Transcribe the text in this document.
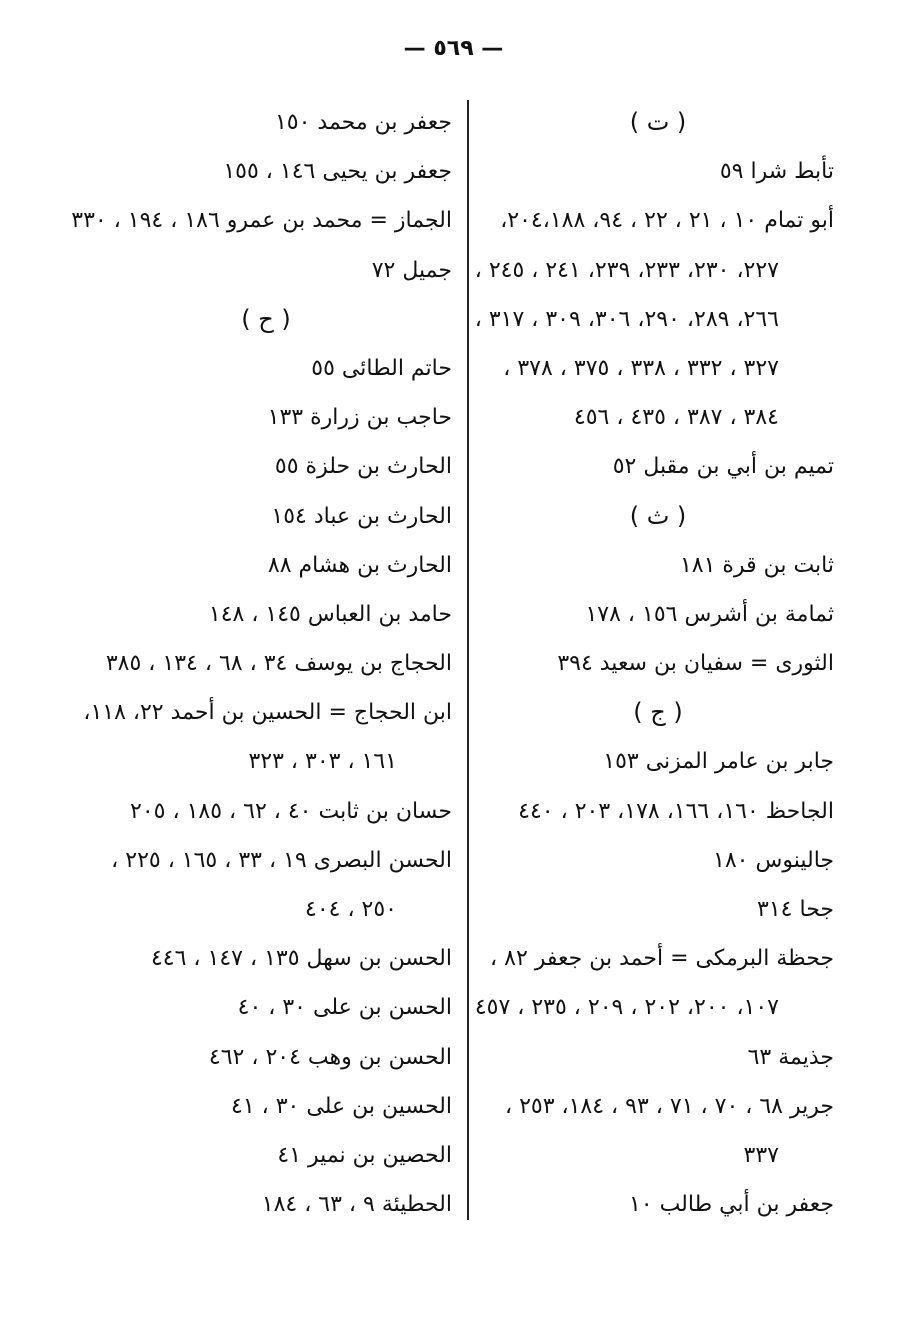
— ٥٦٩ —
( ت )
تأبط شرا ٥٩
أبو تمام ١٠ ، ٢١ ، ٢٢ ، ٩٤، ٢٠٤،١٨٨،
٢٢٧، ٢٣٠، ٢٣٣، ٢٣٩، ٢٤١ ، ٢٤٥ ،
٢٦٦، ٢٨٩، ٢٩٠، ٣٠٦، ٣٠٩ ، ٣١٧ ،
٣٢٧ ، ٣٣٢ ، ٣٣٨ ، ٣٧٥ ، ٣٧٨ ،
٣٨٤ ، ٣٨٧ ، ٤٣٥ ، ٤٥٦
تميم بن أبي بن مقبل ٥٢
( ث )
ثابت بن قرة ١٨١
ثمامة بن أشرس ١٥٦ ، ١٧٨
الثورى = سفيان بن سعيد ٣٩٤
( ج )
جابر بن عامر المزنى ١٥٣
الجاحظ ١٦٠، ١٦٦، ١٧٨، ٢٠٣ ، ٤٤٠
جالينوس ١٨٠
جحا ٣١٤
جحظة البرمكى = أحمد بن جعفر ٨٢ ،
١٠٧، ٢٠٠، ٢٠٢ ، ٢٠٩ ، ٢٣٥ ، ٤٥٧
جذيمة ٦٣
جرير ٦٨ ، ٧٠ ، ٧١ ، ٩٣ ، ١٨٤، ٢٥٣ ،
٣٣٧
جعفر بن أبي طالب ١٠
جعفر بن محمد ١٥٠
جعفر بن يحيى ١٤٦ ، ١٥٥
الجماز = محمد بن عمرو ١٨٦ ، ١٩٤ ، ٣٣٠
جميل ٧٢
( ح )
حاتم الطائى ٥٥
حاجب بن زرارة ١٣٣
الحارث بن حلزة ٥٥
الحارث بن عباد ١٥٤
الحارث بن هشام ٨٨
حامد بن العباس ١٤٥ ، ١٤٨
الحجاج بن يوسف ٣٤ ، ٦٨ ، ١٣٤ ، ٣٨٥
ابن الحجاج = الحسين بن أحمد ٢٢، ١١٨،
١٦١ ، ٣٠٣ ، ٣٢٣
حسان بن ثابت ٤٠ ، ٦٢ ، ١٨٥ ، ٢٠٥
الحسن البصرى ١٩ ، ٣٣ ، ١٦٥ ، ٢٢٥ ،
٢٥٠ ، ٤٠٤
الحسن بن سهل ١٣٥ ، ١٤٧ ، ٤٤٦
الحسن بن على ٣٠ ، ٤٠
الحسن بن وهب ٢٠٤ ، ٤٦٢
الحسين بن على ٣٠ ، ٤١
الحصين بن نمير ٤١
الحطيئة ٩ ، ٦٣ ، ١٨٤
